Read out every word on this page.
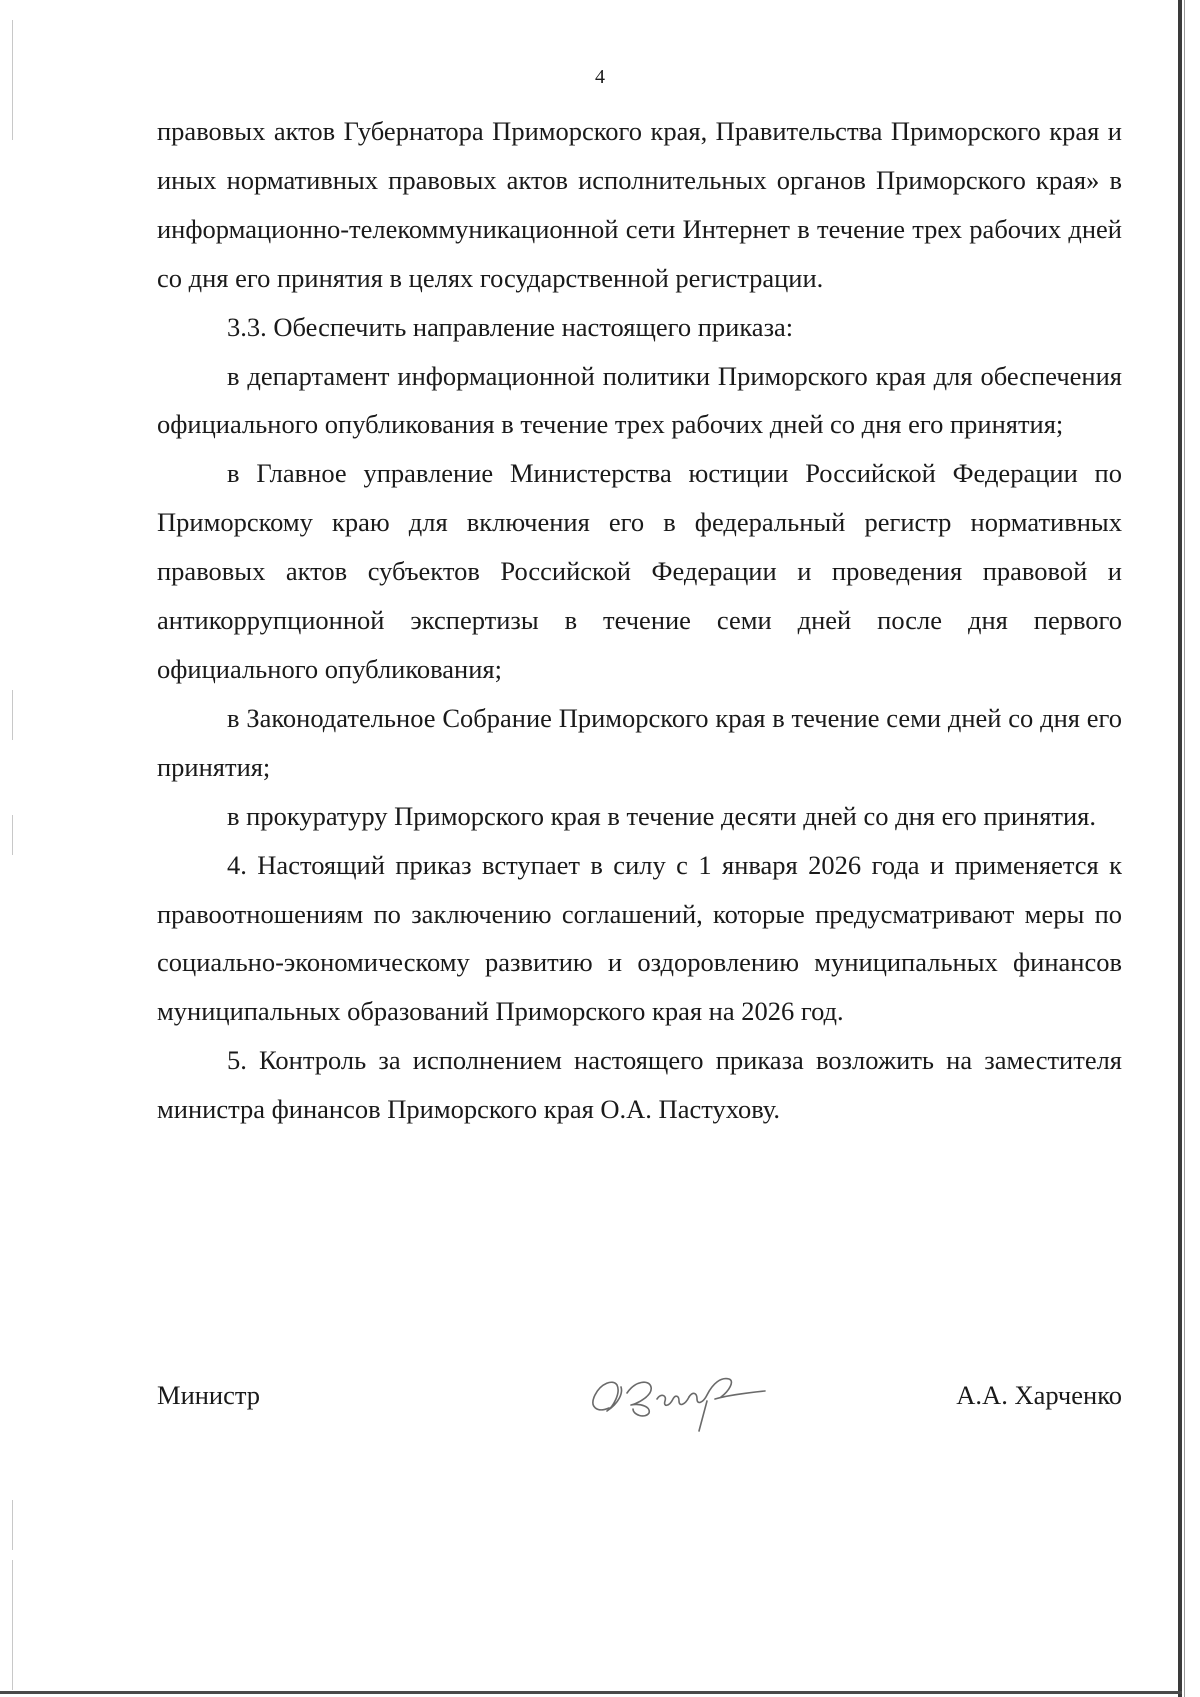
4

правовых актов Губернатора Приморского края, Правительства Приморского края и иных нормативных правовых актов исполнительных органов Приморского края» в информационно-телекоммуникационной сети Интернет в течение трех рабочих дней со дня его принятия в целях государственной регистрации.

3.3. Обеспечить направление настоящего приказа:

в департамент информационной политики Приморского края для обеспечения официального опубликования в течение трех рабочих дней со дня его принятия;

в Главное управление Министерства юстиции Российской Федерации по Приморскому краю для включения его в федеральный регистр нормативных правовых актов субъектов Российской Федерации и проведения правовой и антикоррупционной экспертизы в течение семи дней после дня первого официального опубликования;

в Законодательное Собрание Приморского края в течение семи дней со дня его принятия;

в прокуратуру Приморского края в течение десяти дней со дня его принятия.

4. Настоящий приказ вступает в силу с 1 января 2026 года и применяется к правоотношениям по заключению соглашений, которые предусматривают меры по социально-экономическому развитию и оздоровлению муниципальных финансов муниципальных образований Приморского края на 2026 год.

5. Контроль за исполнением настоящего приказа возложить на заместителя министра финансов Приморского края О.А. Пастухову.

Министр	А.А. Харченко
